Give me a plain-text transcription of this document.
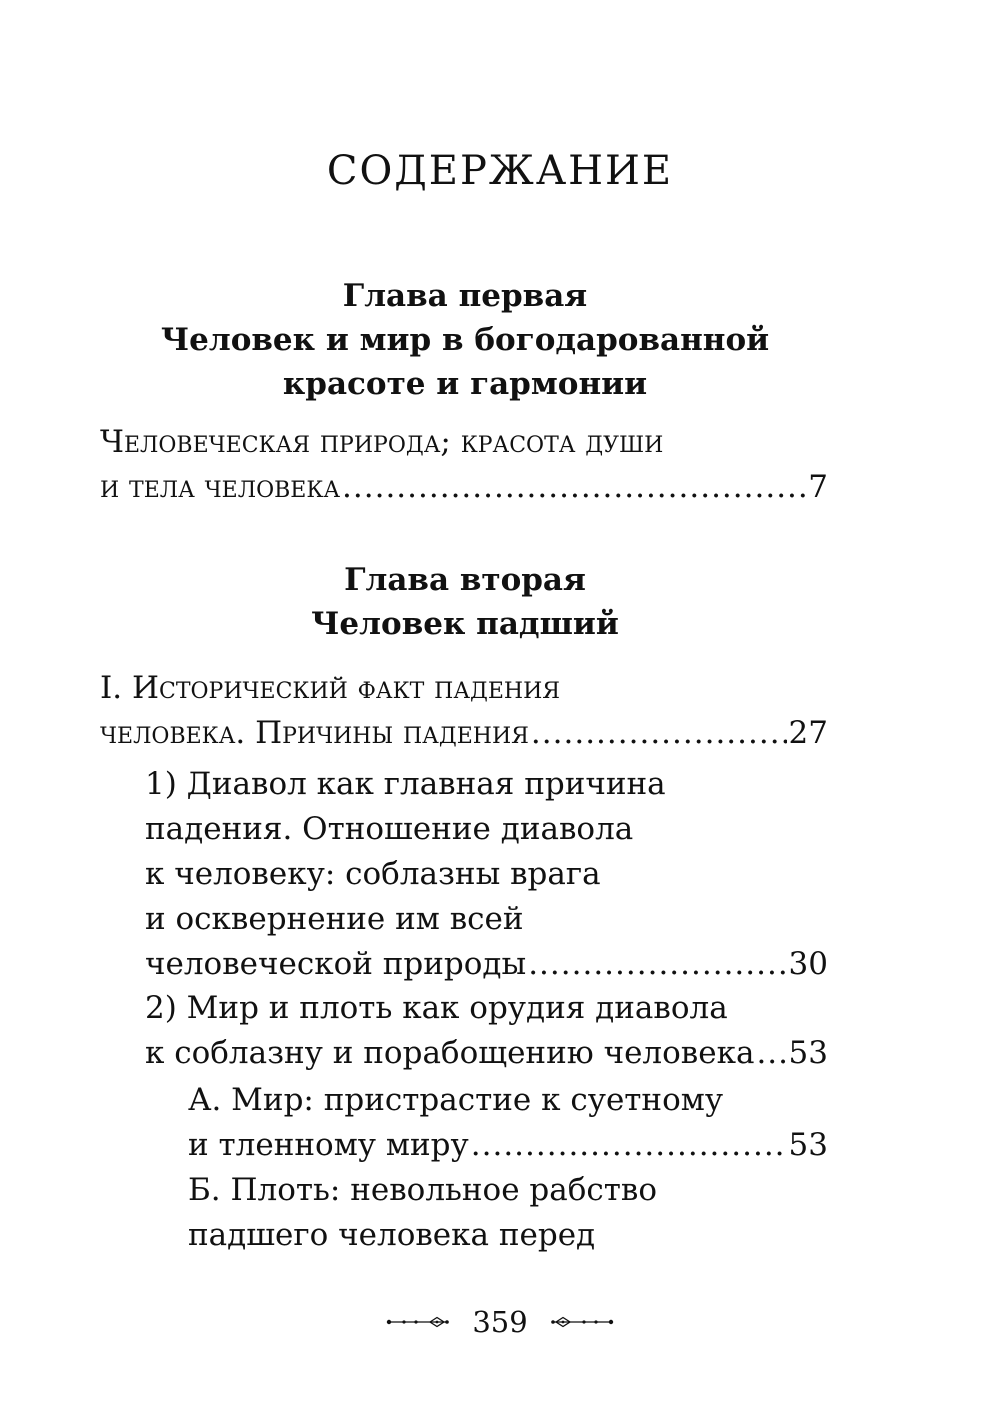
СОДЕРЖАНИЕ
Глава первая
Человек и мир в богодарованной
красоте и гармонии
Человеческая природа; красота души
и тела человека .....	7
Глава вторая
Человек падший
I. Исторический факт падения
человека. Причины падения .....	27
1) Диавол как главная причина
падения. Отношение диавола
к человеку: соблазны врага
и осквернение им всей
человеческой природы .....	30
2) Мир и плоть как орудия диавола
к соблазну и порабощению человека ..... 53
А. Мир: пристрастие к суетному
и тленному миру .....	53
Б. Плоть: невольное рабство
падшего человека перед
359
